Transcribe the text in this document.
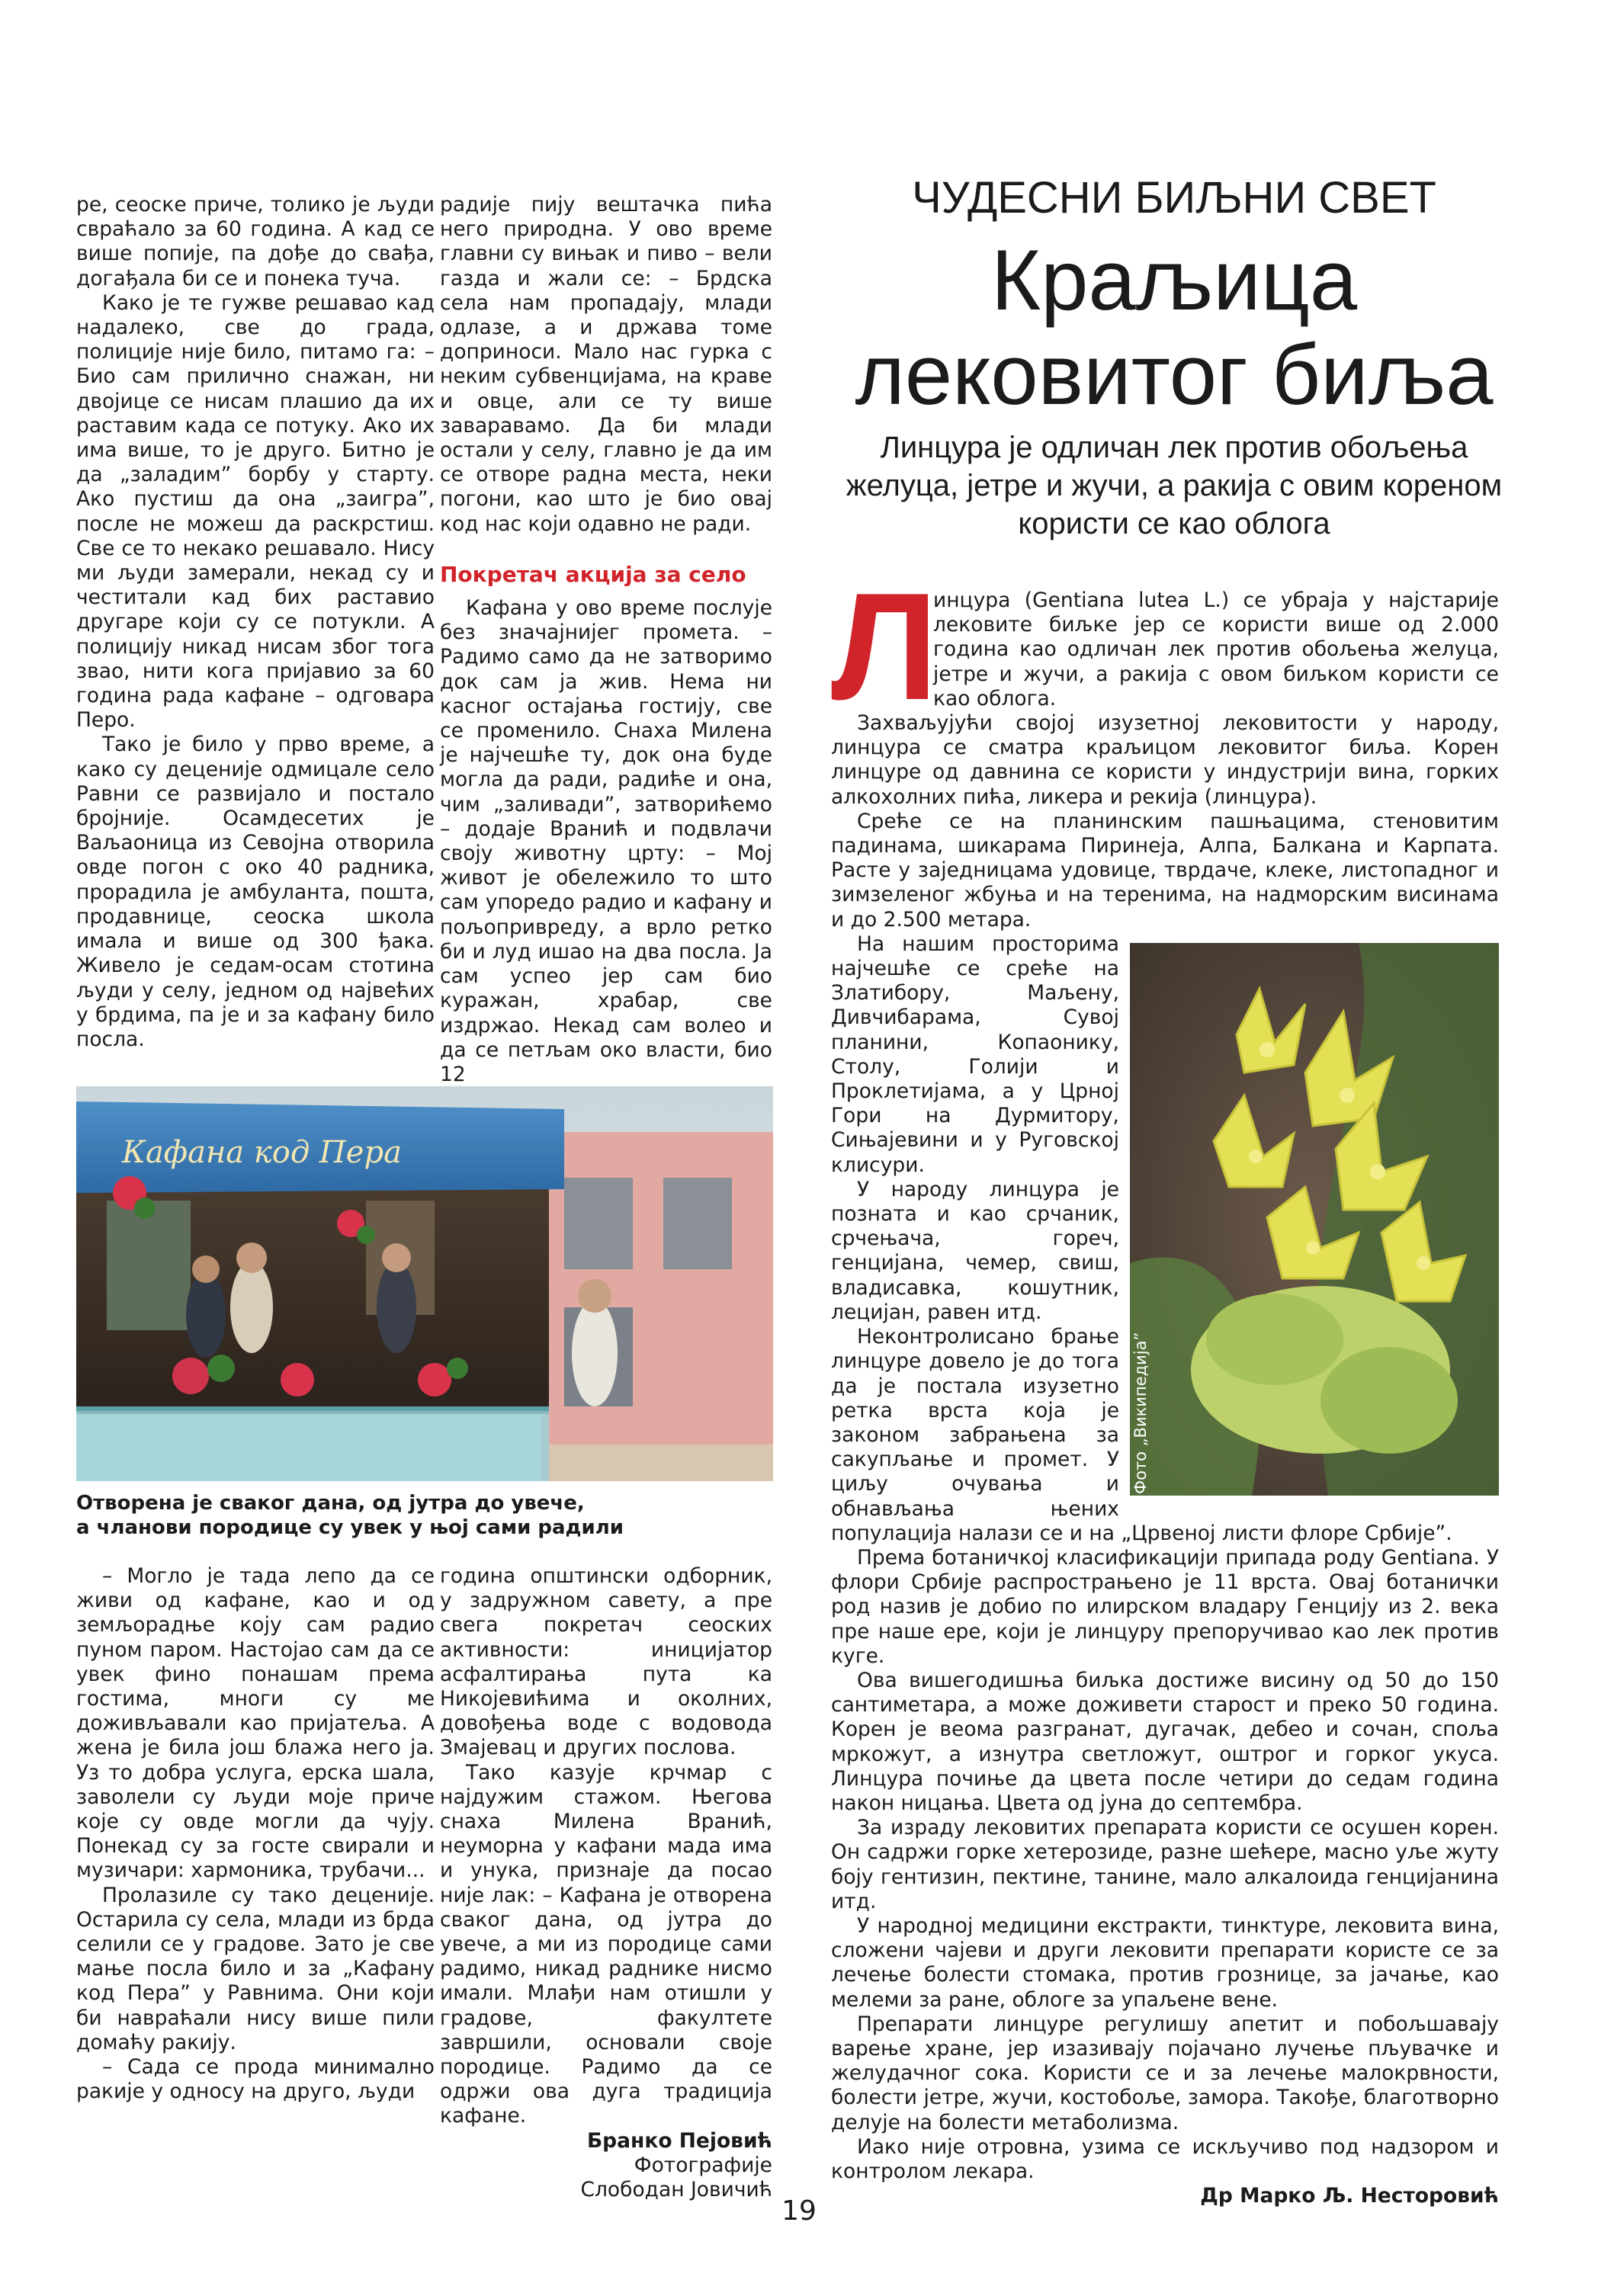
ре, сеоске приче, толико је људи свраћало за 60 година. А кад се више попије, па дође до свађа, догађала би се и понека туча.

Како је те гужве решавао кад надалеко, све до града, полиције није било, питамо га: – Био сам прилично снажан, ни двојице се нисам плашио да их раставим када се потуку. Ако их има више, то је друго. Битно је да „заладим” борбу у старту. Ако пустиш да она „заигра”, после не можеш да раскрстиш. Све се то некако решавало. Нису ми људи замерали, некад су и честитали кад бих раставио другаре који су се потукли. А полицију никад нисам због тога звао, нити кога пријавио за 60 година рада кафане – одговара Перо.

Тако је било у прво време, а како су деценије одмицале село Равни се развијало и постало бројније. Осамдесетих је Ваљаоница из Севојна отворила овде погон с око 40 радника, прорадила је амбуланта, пошта, продавнице, сеоска школа имала и више од 300 ђака. Живело је седам-осам стотина људи у селу, једном од највећих у брдима, па је и за кафану било посла.

радије пију вештачка пића него природна. У ово време главни су вињак и пиво – вели газда и жали се: – Брдска села нам пропадају, млади одлазе, а и држава томе доприноси. Мало нас гурка с неким субвенцијама, на краве и овце, али се ту више заваравамо. Да би млади остали у селу, главно је да им се отворе радна места, неки погони, као што је био овај код нас који одавно не ради.

Покретач акција за село

Кафана у ово време послује без значајнијег промета. – Радимо само да не затворимо док сам ја жив. Нема ни касног остајања гостију, све се променило. Снаха Милена је најчешће ту, док она буде могла да ради, радиће и она, чим „заливади”, затворићемо – додаје Вранић и подвлачи своју животну црту: – Мој живот је обележило то што сам упоредо радио и кафану и пољопривреду, а врло ретко би и луд ишао на два посла. Ја сам успео јер сам био куражан, храбар, све издржао. Некад сам волео и да се петљам око власти, био 12

Кафана код Пера
Отворена је сваког дана, од јутра до увече,
а чланови породице су увек у њој сами радили

– Могло је тада лепо да се живи од кафане, као и од земљорадње коју сам радио пуном паром. Настојао сам да се увек фино понашам према гостима, многи су ме доживљавали као пријатеља. А жена је била још блажа него ја. Уз то добра услуга, ерска шала, заволели су људи моје приче које су овде могли да чују. Понекад су за госте свирали и музичари: хармоника, трубачи...

Пролазиле су тако деценије. Остарила су села, млади из брда селили се у градове. Зато је све мање посла било и за „Кафану код Пера” у Равнима. Они који би навраћали нису више пили домаћу ракију.

– Сада се прода минимално ракије у односу на друго, људи

година општински одборник, у задружном савету, а пре свега покретач сеоских активности: иницијатор асфалтирања пута ка Никојевићима и околних, довођења воде с водовода Змајевац и других послова.

Тако казује крчмар с најдужим стажом. Његова снаха Милена Вранић, неуморна у кафани мада има и унука, признаје да посао није лак: – Кафана је отворена сваког дана, од јутра до увече, а ми из породице сами радимо, никад раднике нисмо имали. Млађи нам отишли у градове, факултете завршили, основали своје породице. Радимо да се одржи ова дуга традиција кафане.

Бранко Пејовић

Фотографије

Слободан Јовичић

ЧУДЕСНИ БИЉНИ СВЕТ
Краљица
лековитог биља
Линцура је одличан лек против обољења желуца, јетре и жучи, а ракија с овим кореном користи се као облога
Л

инцура (Gentiana lutea L.) се убраја у најстарије лековите биљке јер се користи више од 2.000 година као одличан лек против обољења желуца, јетре и жучи, а ракија с овом биљком користи се као облога.

Захваљујући својој изузетној лековитости у народу, линцура се сматра краљицом лековитог биља. Корен линцуре од давнина се користи у индустрији вина, горких алкохолних пића, ликера и рекија (линцура).

Среће се на планинским пашњацима, стеновитим падинама, шикарама Пиринеја, Алпа, Балкана и Карпата. Расте у заједницама удовице, тврдаче, клеке, листопадног и зимзеленог жбуња и на теренима, на надморским висинама и до 2.500 метара.

На нашим просторима најчешће се среће на Златибору, Маљену, Дивчибарама, Сувој планини, Копаонику, Столу, Голији и Проклетијама, а у Црној Гори на Дурмитору, Сињајевини и у Руговској клисури.

У народу линцура је позната и као срчаник, срчењача, гореч, генцијана, чемер, свиш, владисавка, кошутник, лецијан, равен итд.

Неконтролисано брање линцуре довело је до тога да је постала изузетно ретка врста која је законом забрањена за сакупљање и промет. У циљу очувања и обнављања њених популација налази се и на „Црвеној листи флоре Србије”.

Према ботаничкој класификацији припада роду Gentiana. У флори Србије распрострањено је 11 врста. Овај ботанички род назив је добио по илирском владару Генцију из 2. века пре наше ере, који је линцуру препоручивао као лек против куге.

Ова вишегодишња биљка достиже висину од 50 до 150 сантиметара, а може доживети старост и преко 50 година. Корен је веома разгранат, дугачак, дебео и сочан, споља мркожут, а изнутра светложут, оштрог и горког укуса. Линцура почиње да цвета после четири до седам година након ницања. Цвета од јуна до септембра.

За израду лековитих препарата користи се осушен корен. Он садржи горке хетерозиде, разне шећере, масно уље жуту боју гентизин, пектине, танине, мало алкалоида генцијанина итд.

У народној медицини екстракти, тинктуре, лековита вина, сложени чајеви и други лековити препарати користе се за лечење болести стомака, против грознице, за јачање, као мелеми за ране, облоге за упаљене вене.

Препарати линцуре регулишу апетит и побољшавају варење хране, јер изазивају појачано лучење пљувачке и желудачног сока. Користи се и за лечење малокрвности, болести јетре, жучи, костобоље, замора. Такође, благотворно делује на болести метаболизма.

Иако није отровна, узима се искључиво под надзором и контролом лекара.

Др Марко Љ. Несторовић

Фото „Википедија”
19
